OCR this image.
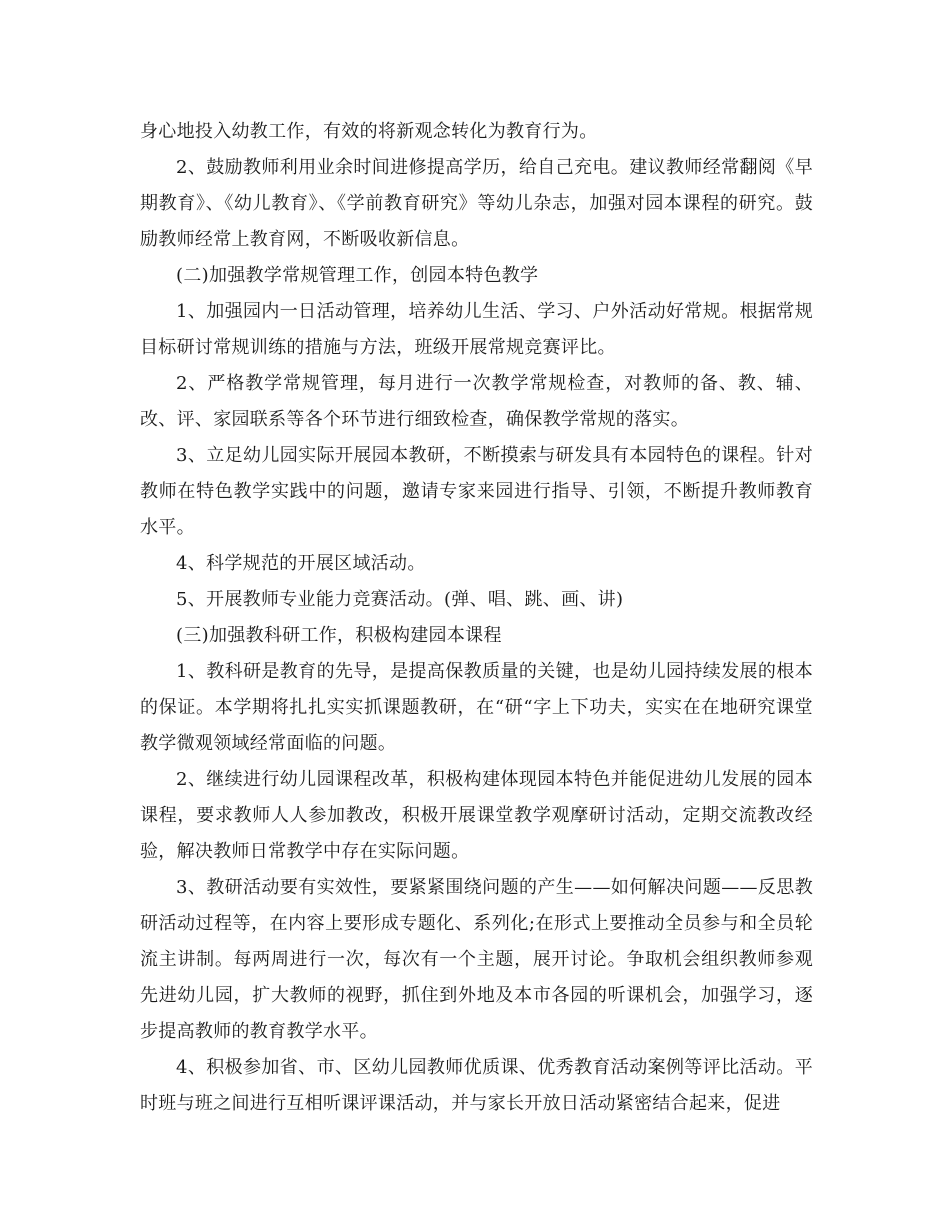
身心地投入幼教工作，有效的将新观念转化为教育行为。

2、鼓励教师利用业余时间进修提高学历，给自己充电。建议教师经常翻阅《早期教育》、《幼儿教育》、《学前教育研究》等幼儿杂志，加强对园本课程的研究。鼓励教师经常上教育网，不断吸收新信息。

(二)加强教学常规管理工作，创园本特色教学

1、加强园内一日活动管理，培养幼儿生活、学习、户外活动好常规。根据常规目标研讨常规训练的措施与方法，班级开展常规竞赛评比。

2、严格教学常规管理，每月进行一次教学常规检查，对教师的备、教、辅、改、评、家园联系等各个环节进行细致检查，确保教学常规的落实。

3、立足幼儿园实际开展园本教研，不断摸索与研发具有本园特色的课程。针对教师在特色教学实践中的问题，邀请专家来园进行指导、引领，不断提升教师教育水平。

4、科学规范的开展区域活动。

5、开展教师专业能力竞赛活动。(弹、唱、跳、画、讲)

(三)加强教科研工作，积极构建园本课程

1、教科研是教育的先导，是提高保教质量的关键，也是幼儿园持续发展的根本的保证。本学期将扎扎实实抓课题教研，在“研“字上下功夫，实实在在地研究课堂教学微观领域经常面临的问题。

2、继续进行幼儿园课程改革，积极构建体现园本特色并能促进幼儿发展的园本课程，要求教师人人参加教改，积极开展课堂教学观摩研讨活动，定期交流教改经验，解决教师日常教学中存在实际问题。

3、教研活动要有实效性，要紧紧围绕问题的产生——如何解决问题——反思教研活动过程等，在内容上要形成专题化、系列化;在形式上要推动全员参与和全员轮流主讲制。每两周进行一次，每次有一个主题，展开讨论。争取机会组织教师参观先进幼儿园，扩大教师的视野，抓住到外地及本市各园的听课机会，加强学习，逐步提高教师的教育教学水平。

4、积极参加省、市、区幼儿园教师优质课、优秀教育活动案例等评比活动。平时班与班之间进行互相听课评课活动，并与家长开放日活动紧密结合起来，促进
